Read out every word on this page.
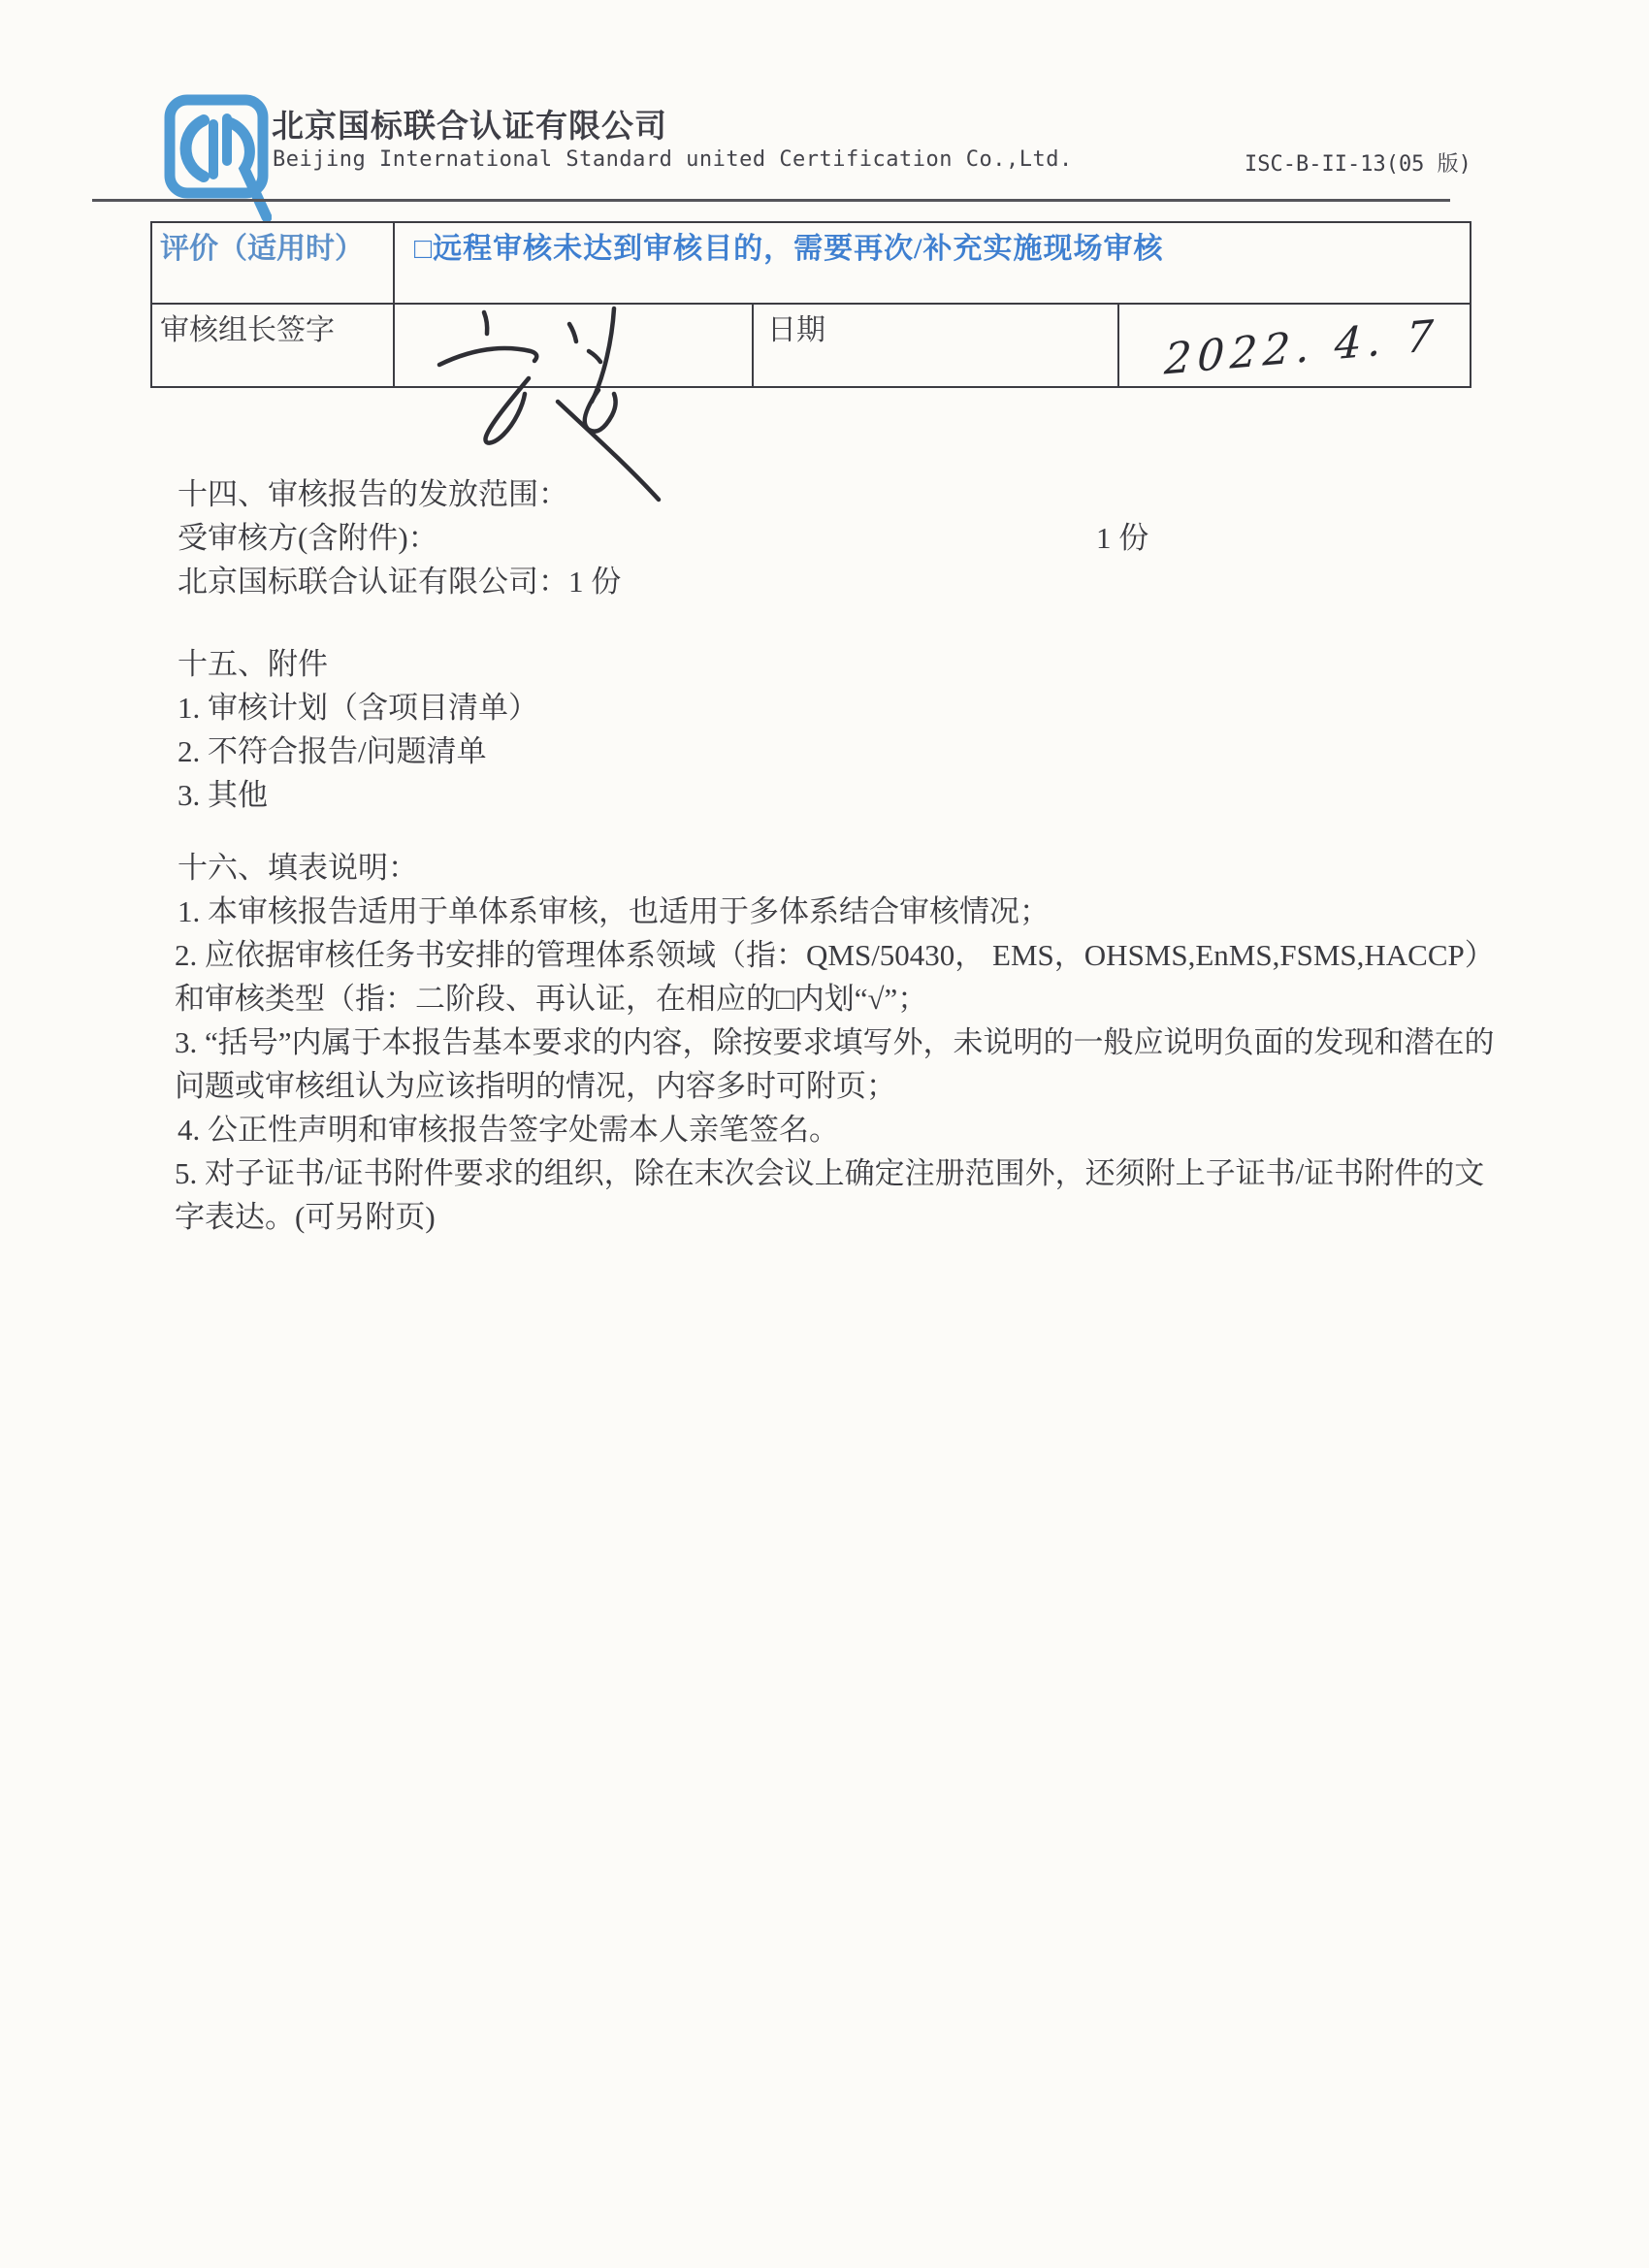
北京国标联合认证有限公司
Beijing International Standard united Certification Co.,Ltd.	ISC-B-II-13(05 版)
评价（适用时）	□远程审核未达到审核目的，需要再次/补充实施现场审核		
审核组长签字		日期	2022. 4. 7
十四、审核报告的发放范围：
受审核方(含附件)：	1 份
北京国标联合认证有限公司：1 份
十五、附件
1. 审核计划（含项目清单）
2. 不符合报告/问题清单
3. 其他
十六、填表说明：
1. 本审核报告适用于单体系审核，也适用于多体系结合审核情况；
2. 应依据审核任务书安排的管理体系领域（指：QMS/50430， EMS，OHSMS,EnMS,FSMS,HACCP）和审核类型（指：二阶段、再认证，在相应的□内划“√”；
3. “括号”内属于本报告基本要求的内容，除按要求填写外，未说明的一般应说明负面的发现和潜在的问题或审核组认为应该指明的情况，内容多时可附页；
4. 公正性声明和审核报告签字处需本人亲笔签名。
5. 对子证书/证书附件要求的组织，除在末次会议上确定注册范围外，还须附上子证书/证书附件的文字表达。(可另附页)
